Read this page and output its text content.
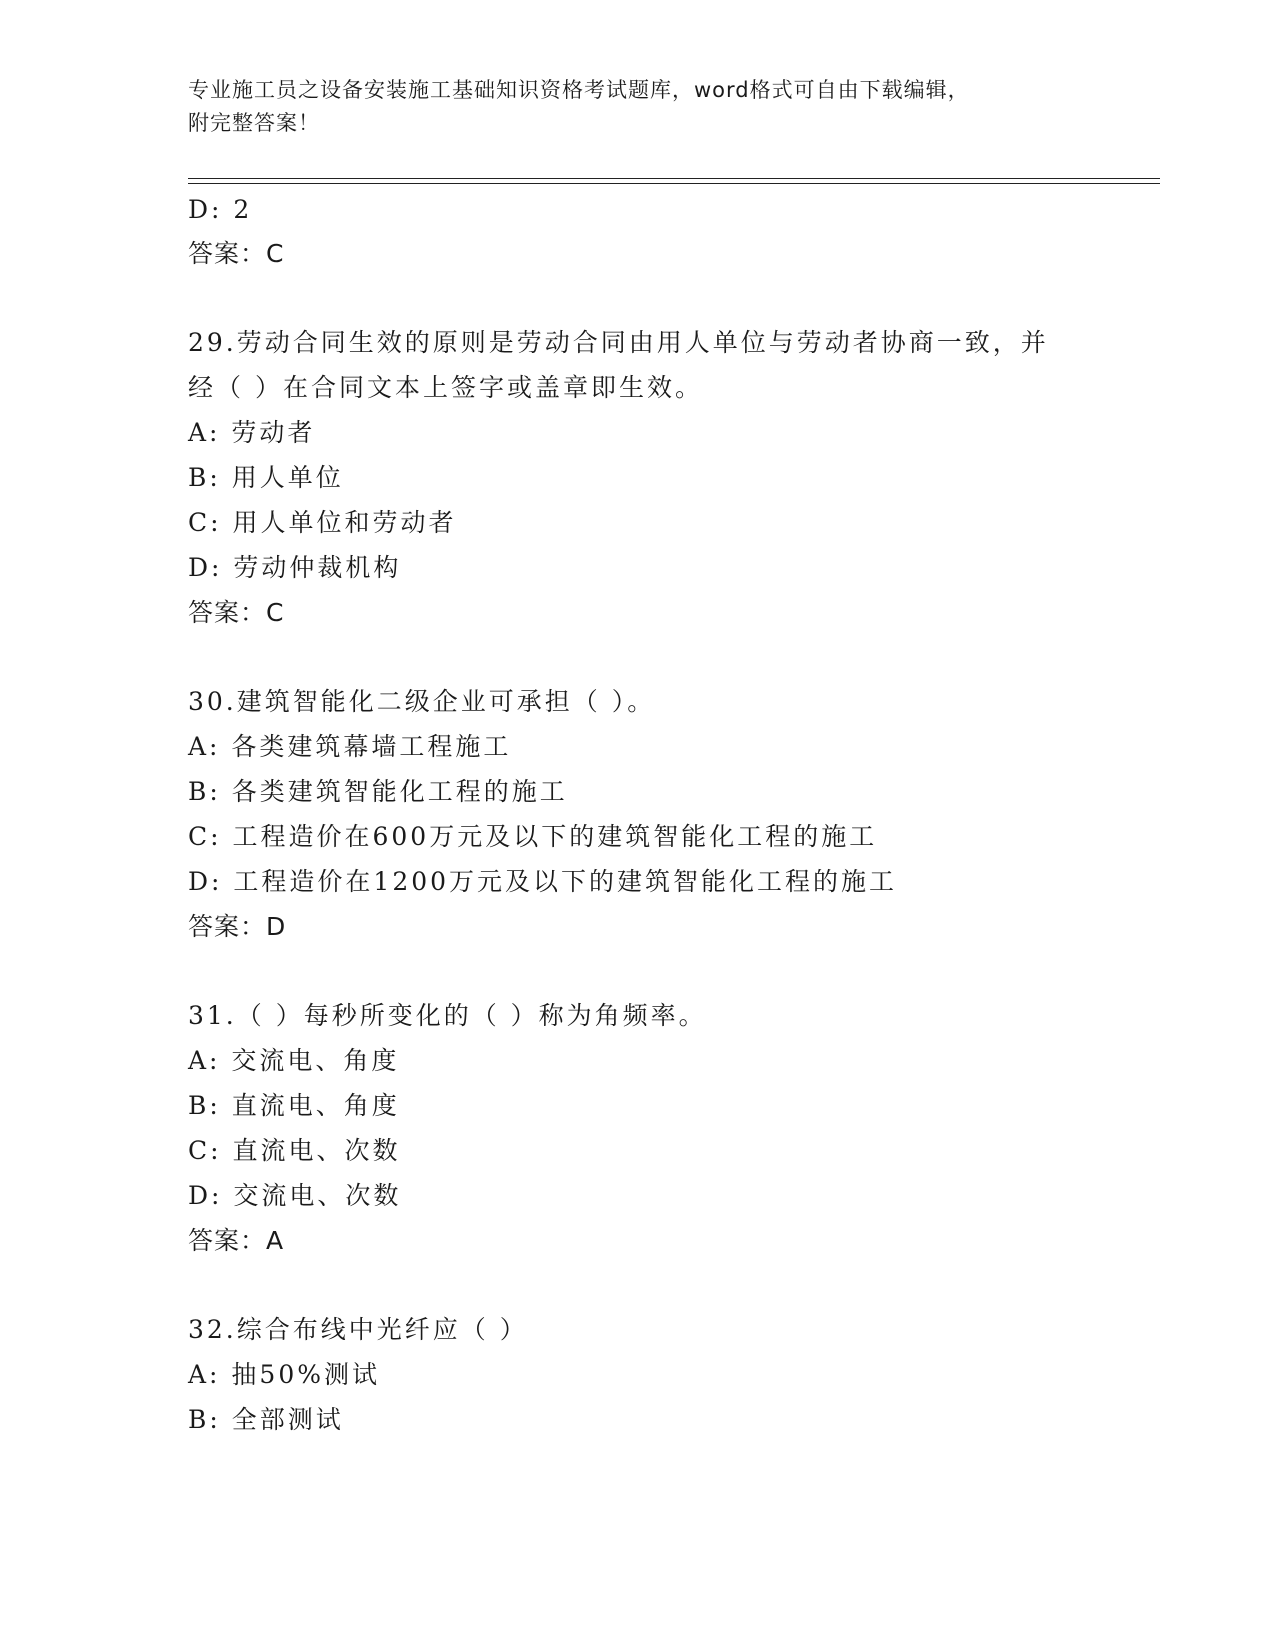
专业施工员之设备安装施工基础知识资格考试题库，word格式可自由下载编辑，
附完整答案！
D: 2
答案：C
29.劳动合同生效的原则是劳动合同由用人单位与劳动者协商一致，并
经（ ）在合同文本上签字或盖章即生效。
A: 劳动者
B: 用人单位
C: 用人单位和劳动者
D: 劳动仲裁机构
答案：C
30.建筑智能化二级企业可承担（ ）。
A: 各类建筑幕墙工程施工
B: 各类建筑智能化工程的施工
C: 工程造价在600万元及以下的建筑智能化工程的施工
D: 工程造价在1200万元及以下的建筑智能化工程的施工
答案：D
31.（ ）每秒所变化的（ ）称为角频率。
A: 交流电、角度
B: 直流电、角度
C: 直流电、次数
D: 交流电、次数
答案：A
32.综合布线中光纤应（ ）
A: 抽50%测试
B: 全部测试
